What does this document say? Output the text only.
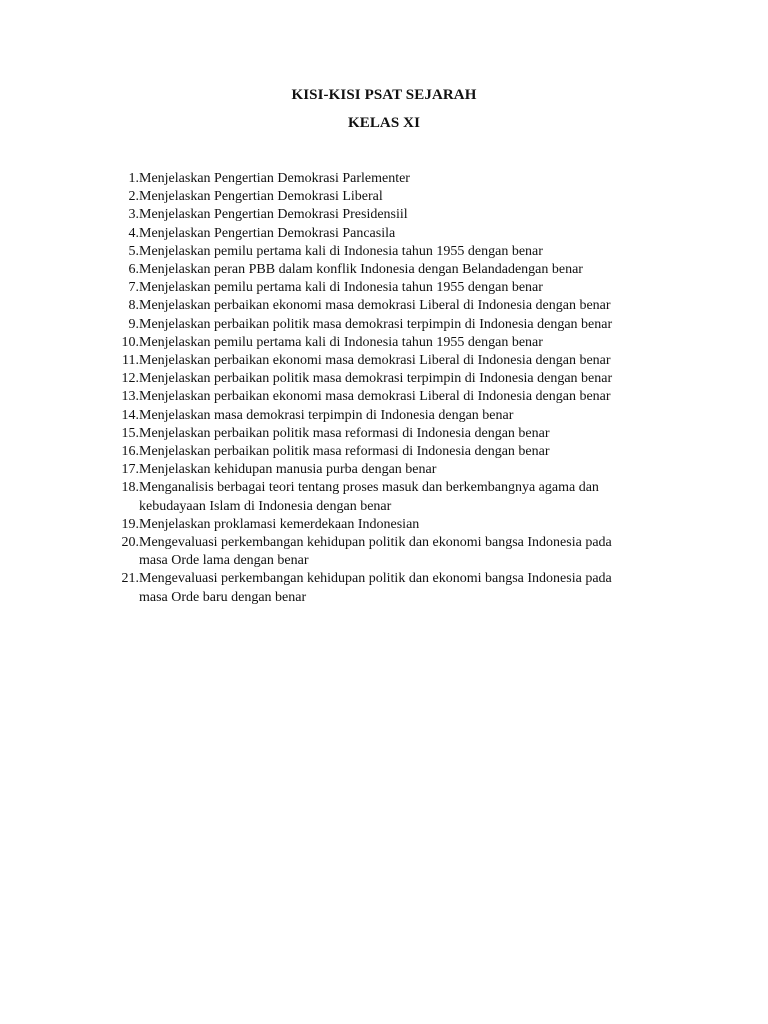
KISI-KISI PSAT SEJARAH
KELAS XI
1. Menjelaskan Pengertian Demokrasi Parlementer
2. Menjelaskan Pengertian Demokrasi Liberal
3. Menjelaskan Pengertian Demokrasi Presidensiil
4. Menjelaskan Pengertian Demokrasi Pancasila
5. Menjelaskan pemilu pertama kali di Indonesia tahun 1955 dengan benar
6. Menjelaskan peran PBB dalam konflik Indonesia dengan Belandadengan benar
7. Menjelaskan pemilu pertama kali di Indonesia tahun 1955 dengan benar
8. Menjelaskan perbaikan ekonomi masa demokrasi Liberal di Indonesia dengan benar
9. Menjelaskan perbaikan politik masa demokrasi terpimpin di Indonesia dengan benar
10. Menjelaskan pemilu pertama kali di Indonesia tahun 1955 dengan benar
11. Menjelaskan perbaikan ekonomi masa demokrasi Liberal di Indonesia dengan benar
12. Menjelaskan perbaikan politik masa demokrasi terpimpin di Indonesia dengan benar
13. Menjelaskan perbaikan ekonomi masa demokrasi Liberal di Indonesia dengan benar
14. Menjelaskan masa demokrasi terpimpin di Indonesia dengan benar
15. Menjelaskan perbaikan politik masa reformasi di Indonesia dengan benar
16. Menjelaskan perbaikan politik masa reformasi di Indonesia dengan benar
17. Menjelaskan kehidupan manusia purba dengan benar
18. Menganalisis berbagai teori tentang proses masuk dan berkembangnya agama dan
kebudayaan Islam di Indonesia dengan benar
19. Menjelaskan proklamasi kemerdekaan Indonesian
20. Mengevaluasi perkembangan kehidupan politik dan ekonomi bangsa Indonesia pada
masa Orde lama dengan benar
21. Mengevaluasi perkembangan kehidupan politik dan ekonomi bangsa Indonesia pada
masa Orde baru dengan benar
